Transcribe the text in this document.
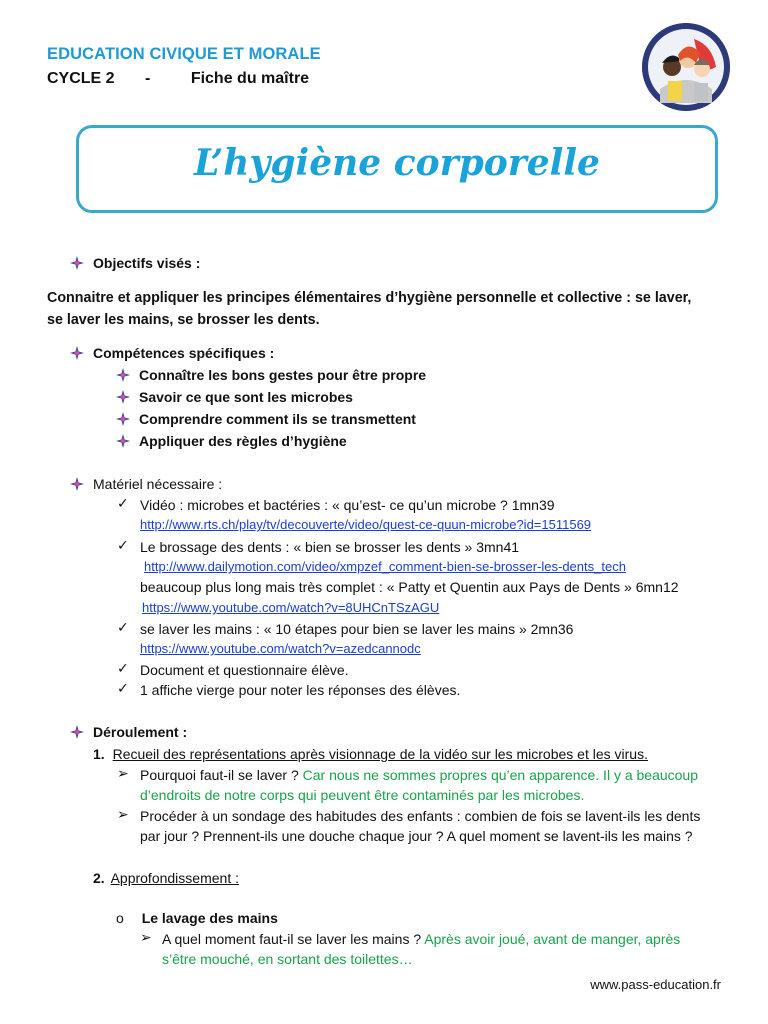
EDUCATION CIVIQUE ET MORALE
CYCLE 2 -	Fiche du maître
L’hygiène corporelle
Objectifs visés :
Connaitre et appliquer les principes élémentaires d’hygiène personnelle et collective : se laver,
se laver les mains, se brosser les dents.
Compétences spécifiques :
Connaître les bons gestes pour être propre
Savoir ce que sont les microbes
Comprendre comment ils se transmettent
Appliquer des règles d’hygiène
Matériel nécessaire :
✓ Vidéo : microbes et bactéries : « qu’est- ce qu’un microbe ? 1mn39
http://www.rts.ch/play/tv/decouverte/video/quest-ce-quun-microbe?id=1511569
✓ Le brossage des dents : « bien se brosser les dents » 3mn41
http://www.dailymotion.com/video/xmpzef_comment-bien-se-brosser-les-dents_tech
beaucoup plus long mais très complet : « Patty et Quentin aux Pays de Dents » 6mn12
https://www.youtube.com/watch?v=8UHCnTSzAGU
✓ se laver les mains : « 10 étapes pour bien se laver les mains » 2mn36
https://www.youtube.com/watch?v=azedcannodc
✓ Document et questionnaire élève.
✓ 1 affiche vierge pour noter les réponses des élèves.
Déroulement :
1. Recueil des représentations après visionnage de la vidéo sur les microbes et les virus.
➢ Pourquoi faut-il se laver ? Car nous ne sommes propres qu’en apparence. Il y a beaucoup
d’endroits de notre corps qui peuvent être contaminés par les microbes.
➢ Procéder à un sondage des habitudes des enfants : combien de fois se lavent-ils les dents
par jour ? Prennent-ils une douche chaque jour ? A quel moment se lavent-ils les mains ?
2. Approfondissement :
o Le lavage des mains
➢ A quel moment faut-il se laver les mains ? Après avoir joué, avant de manger, après
s’être mouché, en sortant des toilettes…
www.pass-education.fr
